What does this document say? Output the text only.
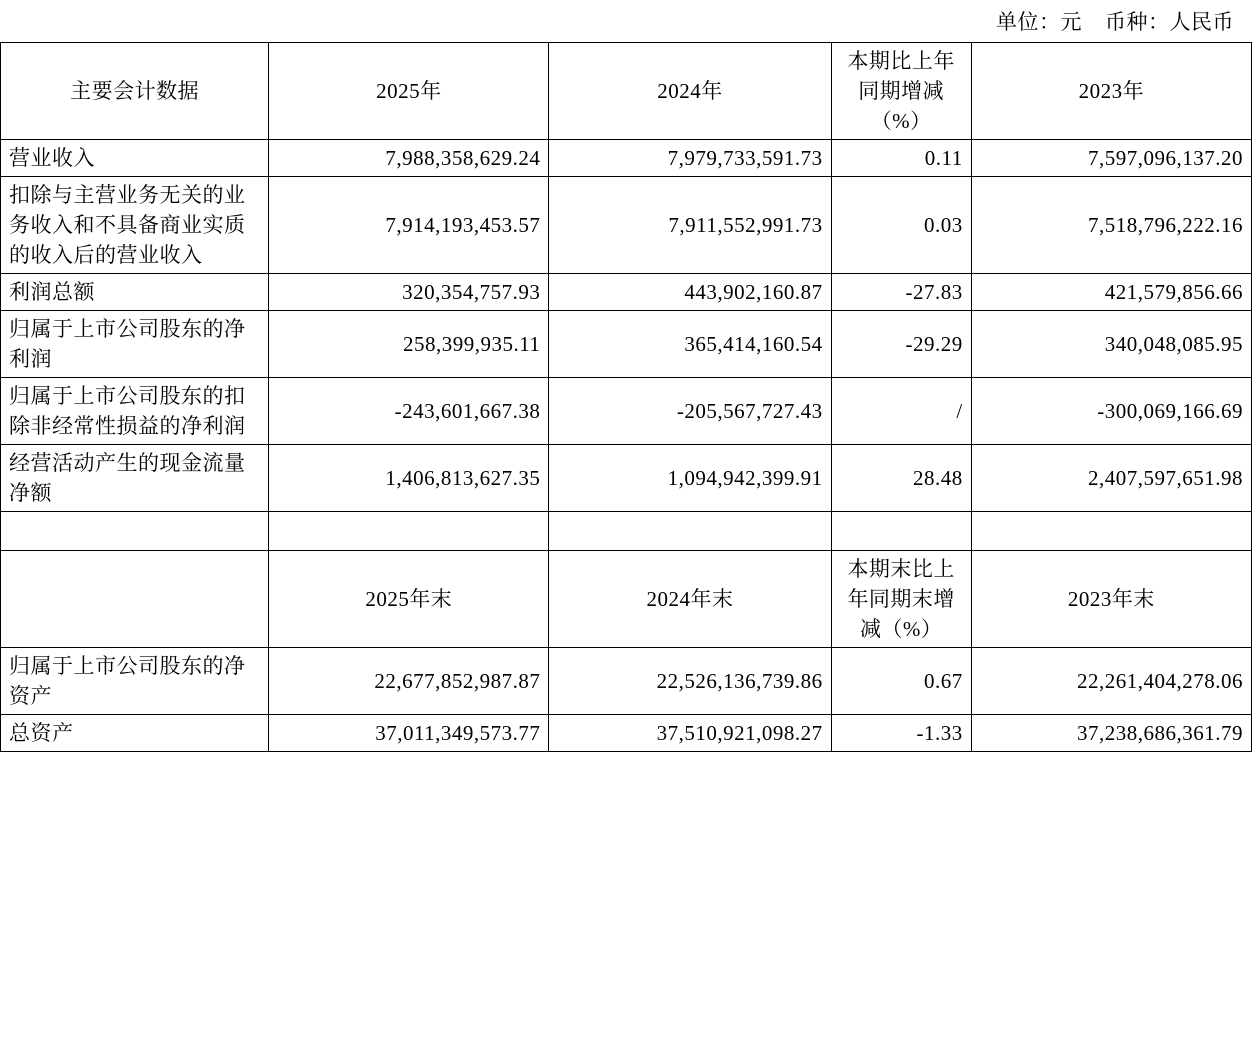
单位：元    币种：人民币
主要会计数据	2025年	2024年	本期比上年同期增减（%）	2023年
营业收入	7,988,358,629.24	7,979,733,591.73	0.11	7,597,096,137.20
扣除与主营业务无关的业务收入和不具备商业实质的收入后的营业收入	7,914,193,453.57	7,911,552,991.73	0.03	7,518,796,222.16
利润总额	320,354,757.93	443,902,160.87	-27.83	421,579,856.66
归属于上市公司股东的净利润	258,399,935.11	365,414,160.54	-29.29	340,048,085.95
归属于上市公司股东的扣除非经常性损益的净利润	-243,601,667.38	-205,567,727.43	/	-300,069,166.69
经营活动产生的现金流量净额	1,406,813,627.35	1,094,942,399.91	28.48	2,407,597,651.98

	2025年末	2024年末	本期末比上年同期末增减（%）	2023年末
归属于上市公司股东的净资产	22,677,852,987.87	22,526,136,739.86	0.67	22,261,404,278.06
总资产	37,011,349,573.77	37,510,921,098.27	-1.33	37,238,686,361.79
